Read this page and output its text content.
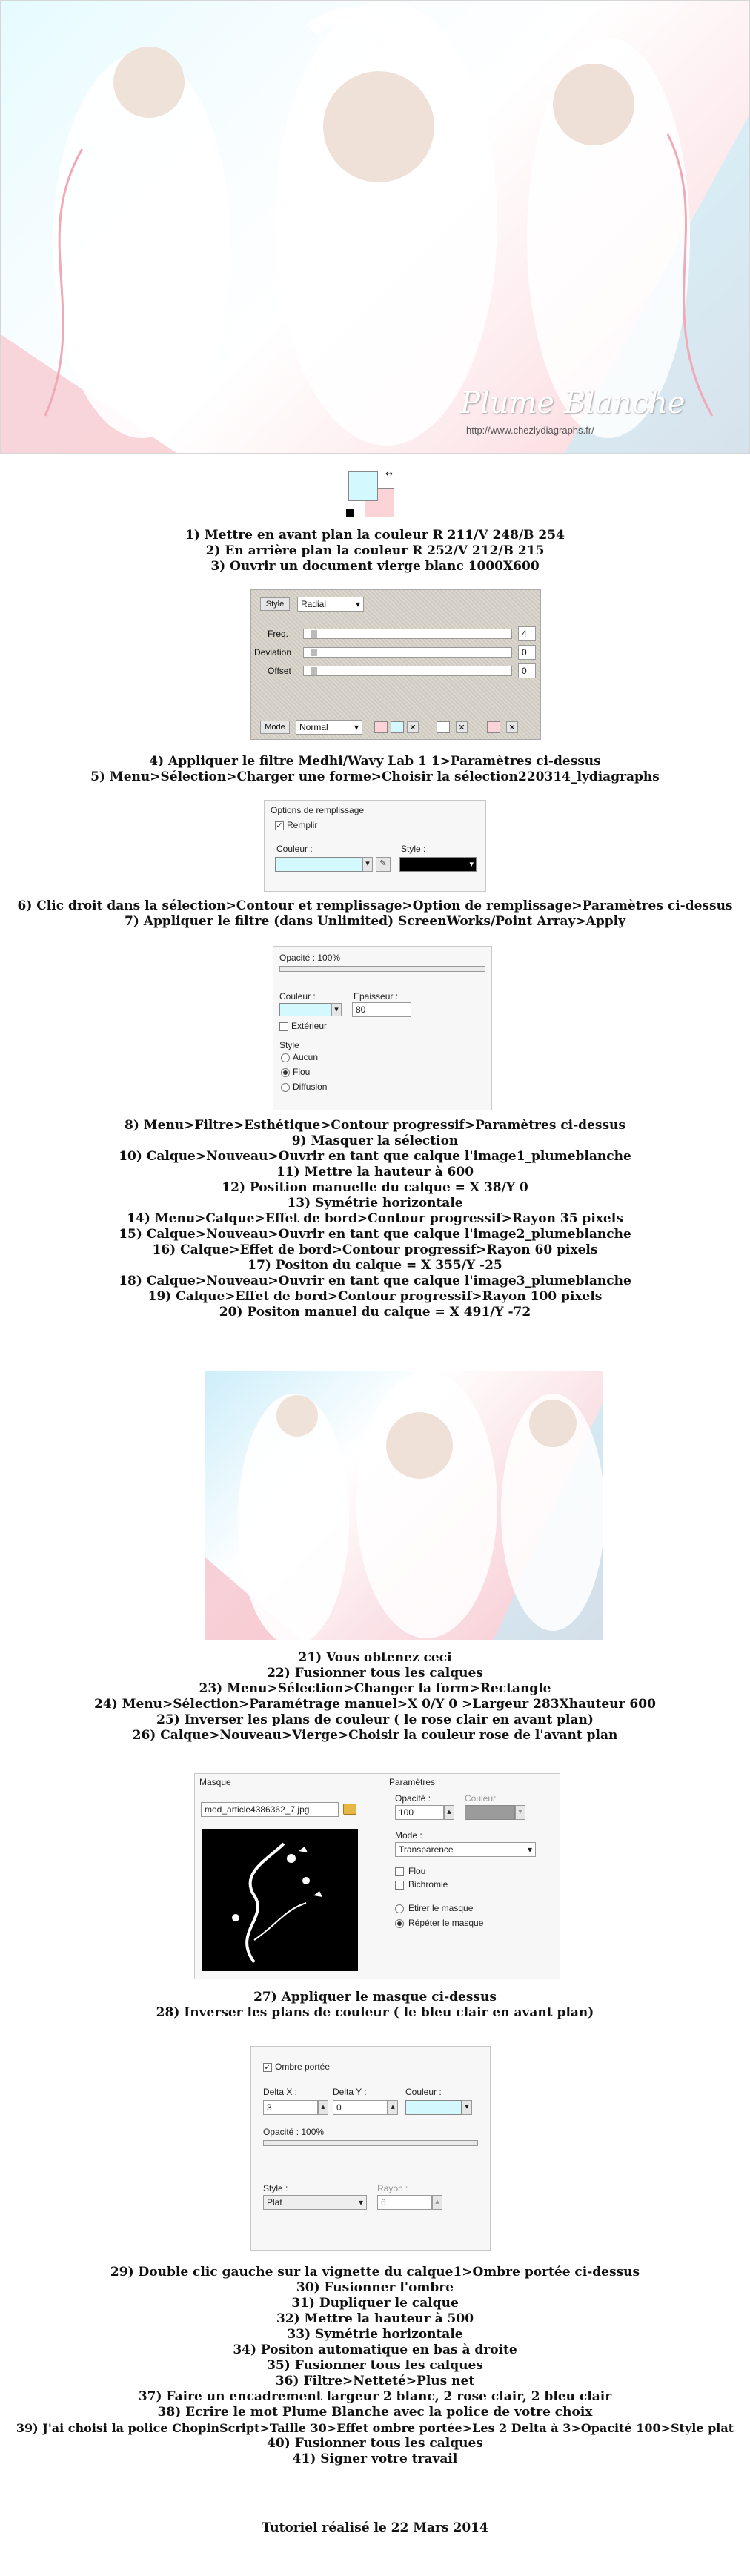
Plume Blanche
http://www.chezlydiagraphs.fr/
↔
1) Mettre en avant plan la couleur R 211/V 248/B 254
2) En arrière plan la couleur R 252/V 212/B 215
3) Ouvrir un document vierge blanc 1000X600
Style	Radial	▾
Freq.	4
Deviation	0
Offset	0
Mode	Normal	▾	✕	✕	✕
4) Appliquer le filtre Medhi/Wavy Lab 1 1>Paramètres ci-dessus
5) Menu>Sélection>Charger une forme>Choisir la sélection220314_lydiagraphs
Options de remplissage
✓ Remplir
Couleur :
▾	✎
Style :
▾
6) Clic droit dans la sélection>Contour et remplissage>Option de remplissage>Paramètres ci-dessus
7) Appliquer le filtre (dans Unlimited) ScreenWorks/Point Array>Apply
Opacité : 100%
Couleur :
▾
Epaisseur :
80
Extérieur
Style
Aucun
Flou
Diffusion
8) Menu>Filtre>Esthétique>Contour progressif>Paramètres ci-dessus
9) Masquer la sélection
10) Calque>Nouveau>Ouvrir en tant que calque l'image1_plumeblanche
11) Mettre la hauteur à 600
12) Position manuelle du calque = X 38/Y 0
13) Symétrie horizontale
14) Menu>Calque>Effet de bord>Contour progressif>Rayon 35 pixels
15) Calque>Nouveau>Ouvrir en tant que calque l'image2_plumeblanche
16) Calque>Effet de bord>Contour progressif>Rayon 60 pixels
17) Positon du calque = X 355/Y -25
18) Calque>Nouveau>Ouvrir en tant que calque l'image3_plumeblanche
19) Calque>Effet de bord>Contour progressif>Rayon 100 pixels
20) Positon manuel du calque = X 491/Y -72
21) Vous obtenez ceci
22) Fusionner tous les calques
23) Menu>Sélection>Changer la form>Rectangle
24) Menu>Sélection>Paramétrage manuel>X 0/Y 0 >Largeur 283Xhauteur 600
25) Inverser les plans de couleur ( le rose clair en avant plan)
26) Calque>Nouveau>Vierge>Choisir la couleur rose de l'avant plan
Masque
mod_article4386362_7.jpg
Paramètres
Opacité :
100	▴
Couleur
▾
Mode :
Transparence	▾
Flou
Bichromie
Etirer le masque
Répéter le masque
27) Appliquer le masque ci-dessus
28) Inverser les plans de couleur ( le bleu clair en avant plan)
✓ Ombre portée
Delta X :
3	▴
Delta Y :
0	▴
Couleur :
▾
Opacité : 100%
Style :
Plat	▾
Rayon :
6	▴
29) Double clic gauche sur la vignette du calque1>Ombre portée ci-dessus
30) Fusionner l'ombre
31) Dupliquer le calque
32) Mettre la hauteur à 500
33) Symétrie horizontale
34) Positon automatique en bas à droite
35) Fusionner tous les calques
36) Filtre>Netteté>Plus net
37) Faire un encadrement largeur 2 blanc, 2 rose clair, 2 bleu clair
38) Ecrire le mot Plume Blanche avec la police de votre choix
39) J'ai choisi la police ChopinScript>Taille 30>Effet ombre portée>Les 2 Delta à 3>Opacité 100>Style plat
40) Fusionner tous les calques
41) Signer votre travail
Tutoriel réalisé le 22 Mars 2014
